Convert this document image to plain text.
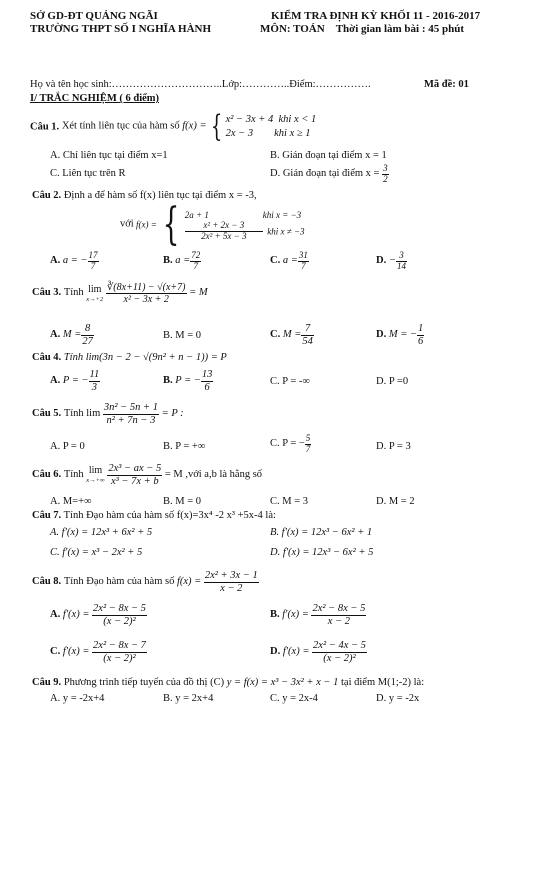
SỞ GD-ĐT QUẢNG NGÃI
TRƯỜNG THPT SỐ I NGHĨA HÀNH
KIỂM TRA ĐỊNH KỲ KHỐI 11 - 2016-2017
MÔN: TOÁN Thời gian làm bài : 45 phút
Họ và tên học sinh:…………………………..Lớp:…………..Điểm:…………….	Mã đề: 01
I/ TRẮC NGHIỆM ( 6 điểm)
Câu 1. Xét tính liên tục của hàm số f(x) = { x² − 3x + 4 khi x < 1
2x − 3 khi x ≥ 1
A. Chỉ liên tục tại điểm x=1	B. Gián đoạn tại điểm x = 1
C. Liên tục trên R	D. Gián đoạn tại điểm $x = \frac{3}{2}$
Câu 2. Định a để hàm số f(x) liên tục tại điểm x = -3,
với f(x) = { 2a + 1	khi x = −3
$\frac{\text{x² + 2x − 3}}{\text{2x² + 5x − 3}}$ khi x ≠ −3
A. a = − $\frac{17}{7}$	B. $a = \frac{72}{7}$	C. $a = \frac{31}{7}$	D. − $\frac{3}{14}$
Câu 3. Tính lim
x→+2
$\frac{∛(8x+11) - √(x+7)}{\text{x² − 3x + 2}} = M$
A. $M = \frac{8}{27}$	B. M = 0	C. $M = \frac{7}{54}$	D. M = − $\frac{1}{6}$
Câu 4. Tính lim(3n − 2 − √(9n² + n − 1)) = P
A. P = − $\frac{11}{3}$	B. P = − $\frac{13}{6}$	C. P = -∞	D. P =0
Câu 5. Tính $\lim \frac{\text{3n² − 5n + 1}}{\text{n² + 7n − 3}} = P$ :
A. P = 0	B. P = +∞	C. P = − $\frac{5}{7}$	D. P = 3
Câu 6. Tính lim
x→+∞
$\frac{\text{2x³ − ax − 5}}{\text{x³ − 7x + b}} = M$ ,với a,b là hằng số
A. M=+∞	B. M = 0	C. M = 3	D. M = 2
Câu 7. Tính Đạo hàm của hàm số f(x)=3x⁴ -2 x³ +5x-4 là:
A. f′(x) = 12x³ + 6x² + 5	B. f′(x) = 12x³ − 6x² + 1
C. f′(x) = x³ − 2x² + 5	D. f′(x) = 12x³ − 6x² + 5
Câu 8. Tính Đạo hàm của hàm số $f(x) = \frac{\text{2x² + 3x − 1}}{x - 2}$
A. $f'(x) = \frac{\text{2x² − 8x − 5}}{\text{(x − 2)²}}$	B. $f'(x) = \frac{\text{2x² − 8x − 5}}{x - 2}$
C. $f'(x) = \frac{\text{2x² − 8x − 7}}{\text{(x − 2)²}}$	D. $f'(x) = \frac{\text{2x² − 4x − 5}}{\text{(x − 2)²}}$
Câu 9. Phương trình tiếp tuyến của đồ thị (C) y = f(x) = x³ − 3x² + x − 1 tại điểm M(1;-2) là:
A. y = -2x+4	B. y = 2x+4	C. y = 2x-4	D. y = -2x
